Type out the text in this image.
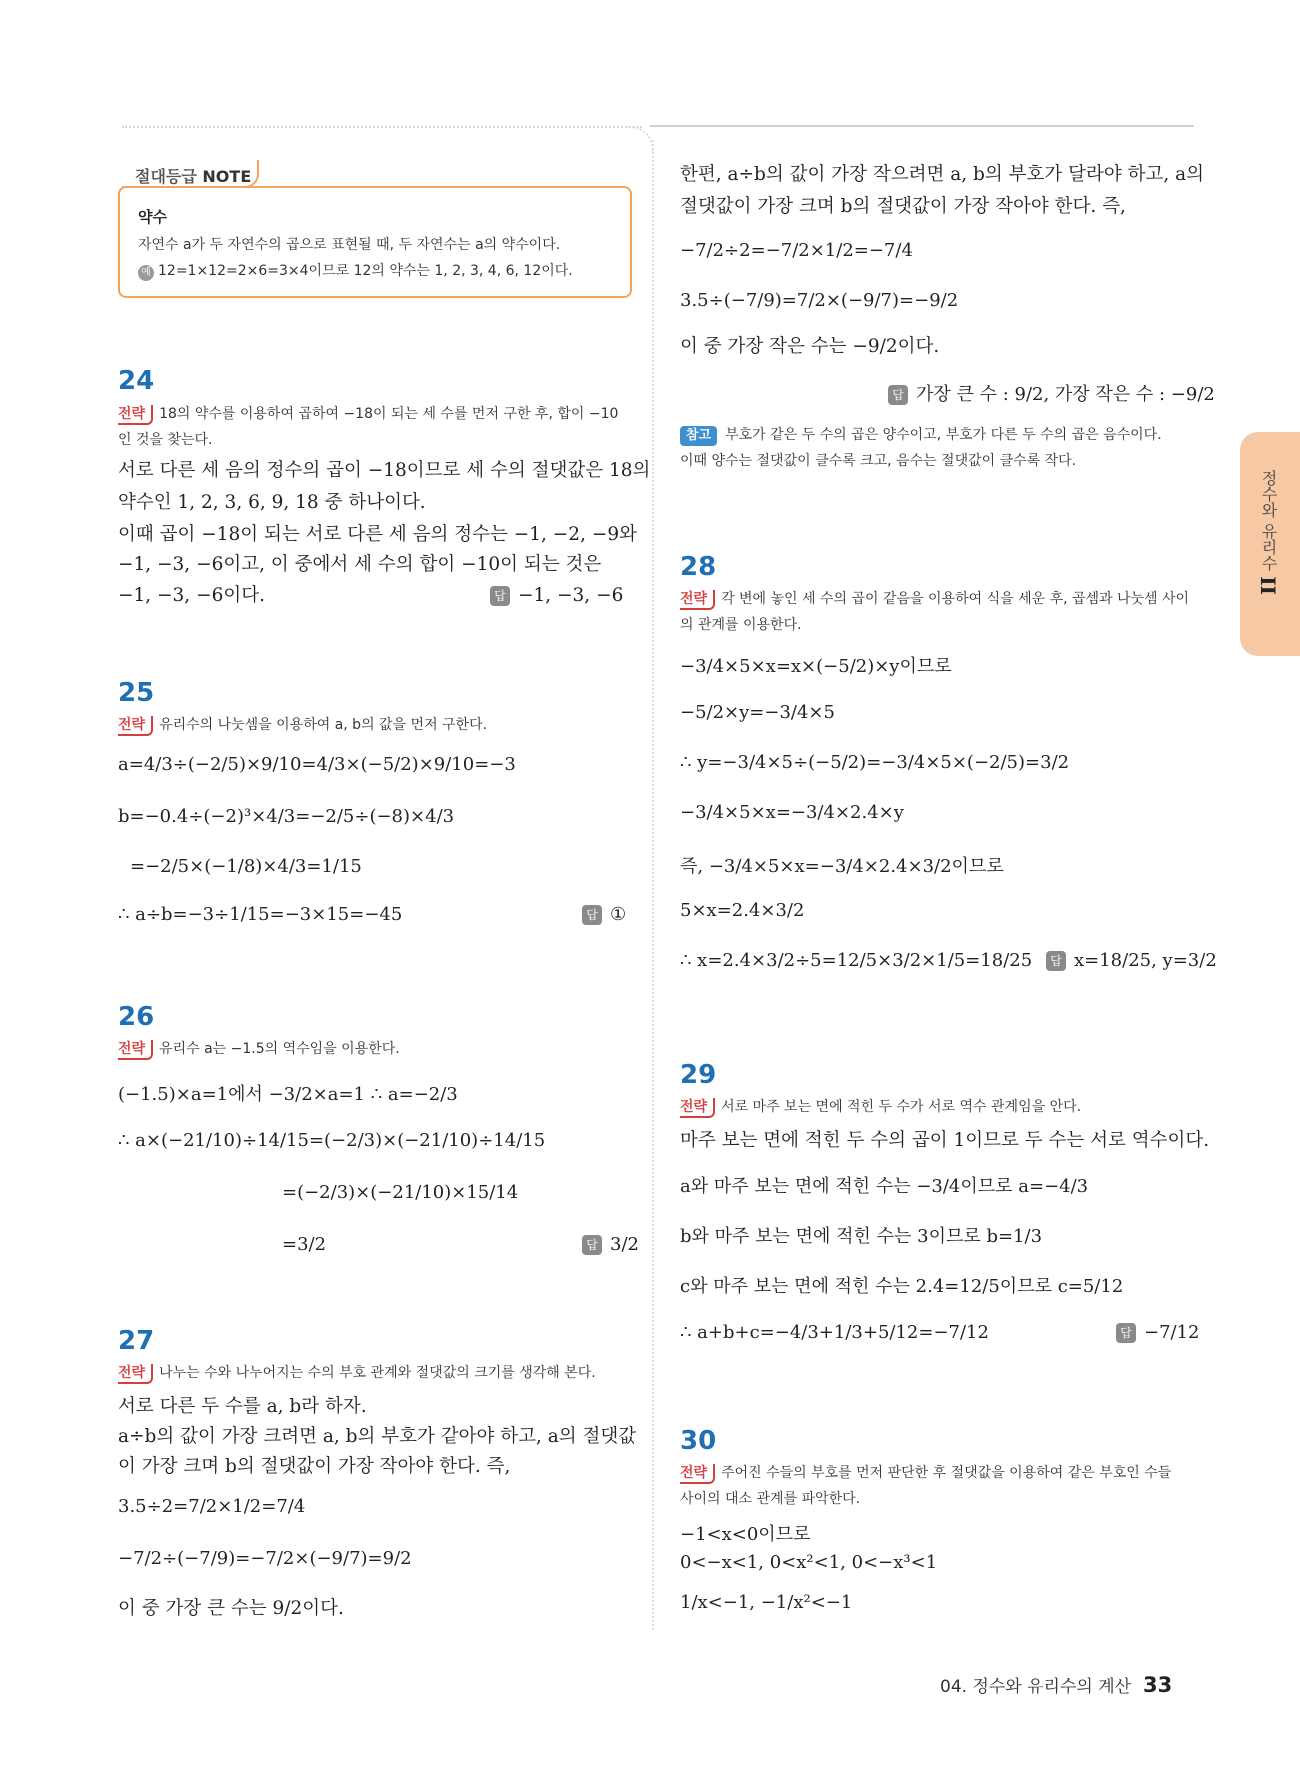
절대등급 NOTE
약수
자연수 a가 두 자연수의 곱으로 표현될 때, 두 자연수는 a의 약수이다.
예 12=1×12=2×6=3×4이므로 12의 약수는 1, 2, 3, 4, 6, 12이다.
24
전략 18의 약수를 이용하여 곱하여 −18이 되는 세 수를 먼저 구한 후, 합이 −10
인 것을 찾는다.
서로 다른 세 음의 정수의 곱이 −18이므로 세 수의 절댓값은 18의
약수인 1, 2, 3, 6, 9, 18 중 하나이다.
이때 곱이 −18이 되는 서로 다른 세 음의 정수는 −1, −2, −9와
−1, −3, −6이고, 이 중에서 세 수의 합이 −10이 되는 것은
−1, −3, −6이다.	답 −1, −3, −6
25
전략 유리수의 나눗셈을 이용하여 a, b의 값을 먼저 구한다.
a=4/3÷(−2/5)×9/10=4/3×(−5/2)×9/10=−3
b=−0.4÷(−2)³×4/3=−2/5÷(−8)×4/3
=−2/5×(−1/8)×4/3=1/15
∴ a÷b=−3÷1/15=−3×15=−45	답 ①
26
전략 유리수 a는 −1.5의 역수임을 이용한다.
(−1.5)×a=1에서 −3/2×a=1 ∴ a=−2/3
∴ a×(−21/10)÷14/15=(−2/3)×(−21/10)÷14/15
=(−2/3)×(−21/10)×15/14
=3/2	답 3/2
27
전략 나누는 수와 나누어지는 수의 부호 관계와 절댓값의 크기를 생각해 본다.
서로 다른 두 수를 a, b라 하자.
a÷b의 값이 가장 크려면 a, b의 부호가 같아야 하고, a의 절댓값
이 가장 크며 b의 절댓값이 가장 작아야 한다. 즉,
3.5÷2=7/2×1/2=7/4
−7/2÷(−7/9)=−7/2×(−9/7)=9/2
이 중 가장 큰 수는 9/2이다.
한편, a÷b의 값이 가장 작으려면 a, b의 부호가 달라야 하고, a의
절댓값이 가장 크며 b의 절댓값이 가장 작아야 한다. 즉,
−7/2÷2=−7/2×1/2=−7/4
3.5÷(−7/9)=7/2×(−9/7)=−9/2
이 중 가장 작은 수는 −9/2이다.
답 가장 큰 수 : 9/2, 가장 작은 수 : −9/2
참고 부호가 같은 두 수의 곱은 양수이고, 부호가 다른 두 수의 곱은 음수이다.
이때 양수는 절댓값이 클수록 크고, 음수는 절댓값이 클수록 작다.
28
전략 각 변에 놓인 세 수의 곱이 같음을 이용하여 식을 세운 후, 곱셈과 나눗셈 사이
의 관계를 이용한다.
−3/4×5×x=x×(−5/2)×y이므로
−5/2×y=−3/4×5
∴ y=−3/4×5÷(−5/2)=−3/4×5×(−2/5)=3/2
−3/4×5×x=−3/4×2.4×y
즉, −3/4×5×x=−3/4×2.4×3/2이므로
5×x=2.4×3/2
∴ x=2.4×3/2÷5=12/5×3/2×1/5=18/25	답 x=18/25, y=3/2
29
전략 서로 마주 보는 면에 적힌 두 수가 서로 역수 관계임을 안다.
마주 보는 면에 적힌 두 수의 곱이 1이므로 두 수는 서로 역수이다.
a와 마주 보는 면에 적힌 수는 −3/4이므로 a=−4/3
b와 마주 보는 면에 적힌 수는 3이므로 b=1/3
c와 마주 보는 면에 적힌 수는 2.4=12/5이므로 c=5/12
∴ a+b+c=−4/3+1/3+5/12=−7/12	답 −7/12
30
전략 주어진 수들의 부호를 먼저 판단한 후 절댓값을 이용하여 같은 부호인 수들
사이의 대소 관계를 파악한다.
−1<x<0이므로
0<−x<1, 0<x²<1, 0<−x³<1
1/x<−1, −1/x²<−1
정수와 유리수 II
04. 정수와 유리수의 계산 33
